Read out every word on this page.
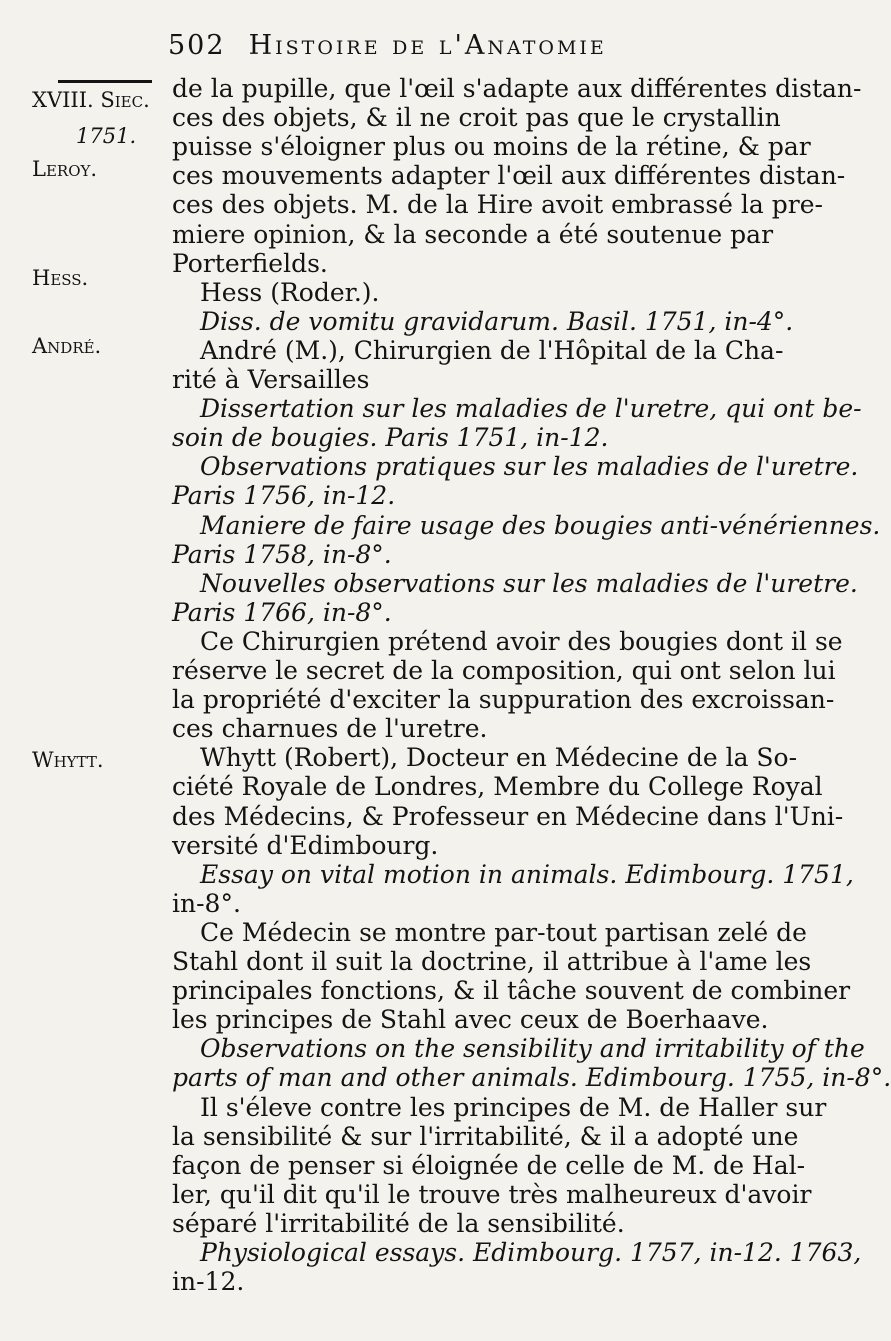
502 Histoire de l'Anatomie
XVIII. Siec.
1751.
Leroy.
Hess.
André.
Whytt.
de la pupille, que l'œil s'adapte aux différentes distan-
ces des objets, & il ne croit pas que le crystallin
puisse s'éloigner plus ou moins de la rétine, & par
ces mouvements adapter l'œil aux différentes distan-
ces des objets. M. de la Hire avoit embrassé la pre-
miere opinion, & la seconde a été soutenue par
Porterfields.
Hess (Roder.).
Diss. de vomitu gravidarum. Basil. 1751, in-4°.
André (M.), Chirurgien de l'Hôpital de la Cha-
rité à Versailles
Dissertation sur les maladies de l'uretre, qui ont be-
soin de bougies. Paris 1751, in-12.
Observations pratiques sur les maladies de l'uretre.
Paris 1756, in-12.
Maniere de faire usage des bougies anti-vénériennes.
Paris 1758, in-8°.
Nouvelles observations sur les maladies de l'uretre.
Paris 1766, in-8°.
Ce Chirurgien prétend avoir des bougies dont il se
réserve le secret de la composition, qui ont selon lui
la propriété d'exciter la suppuration des excroissan-
ces charnues de l'uretre.
Whytt (Robert), Docteur en Médecine de la So-
ciété Royale de Londres, Membre du College Royal
des Médecins, & Professeur en Médecine dans l'Uni-
versité d'Edimbourg.
Essay on vital motion in animals. Edimbourg. 1751,
in-8°.
Ce Médecin se montre par-tout partisan zelé de
Stahl dont il suit la doctrine, il attribue à l'ame les
principales fonctions, & il tâche souvent de combiner
les principes de Stahl avec ceux de Boerhaave.
Observations on the sensibility and irritability of the
parts of man and other animals. Edimbourg. 1755, in-8°.
Il s'éleve contre les principes de M. de Haller sur
la sensibilité & sur l'irritabilité, & il a adopté une
façon de penser si éloignée de celle de M. de Hal-
ler, qu'il dit qu'il le trouve très malheureux d'avoir
séparé l'irritabilité de la sensibilité.
Physiological essays. Edimbourg. 1757, in-12. 1763,
in-12.
